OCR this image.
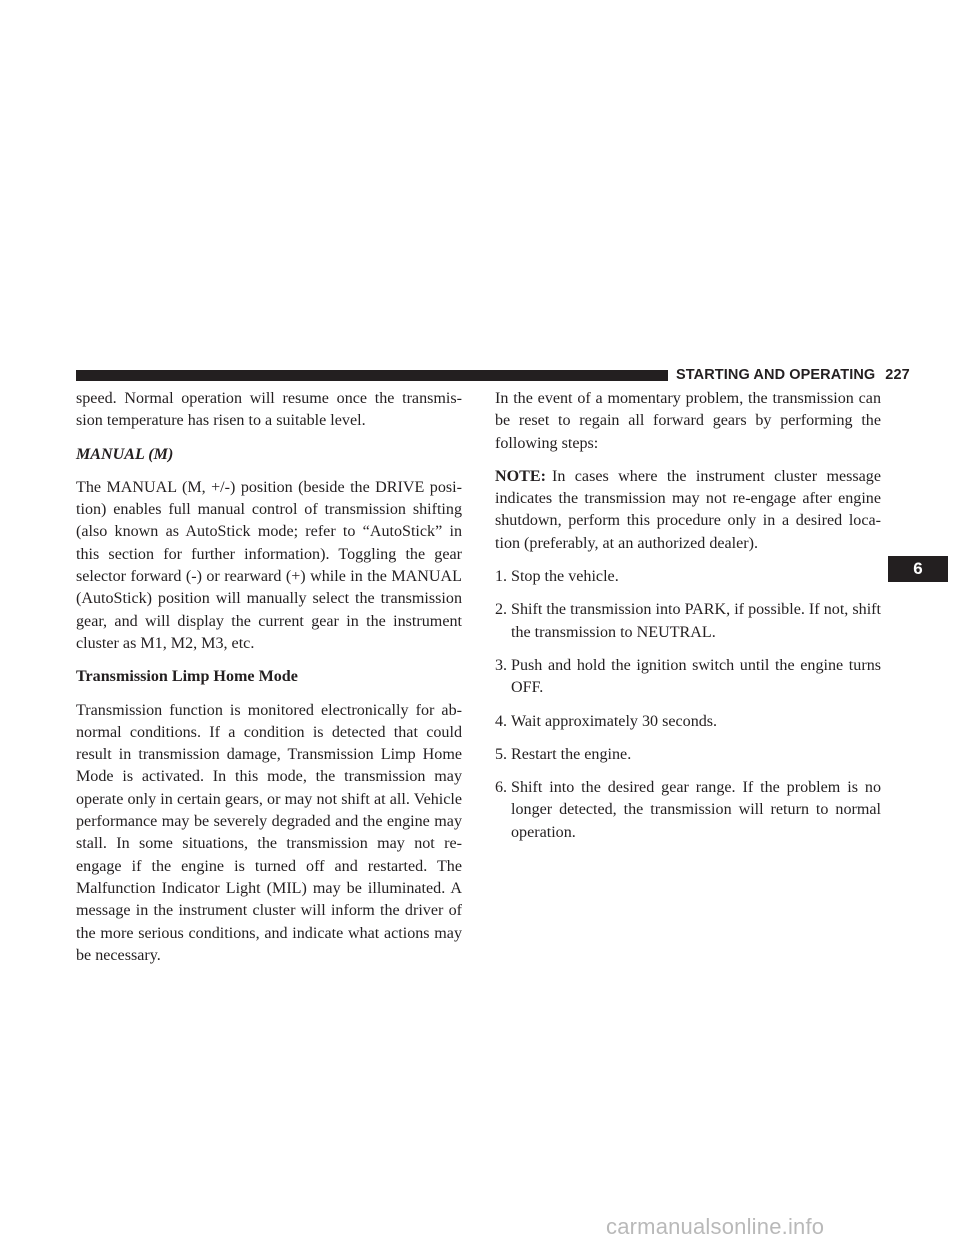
STARTING AND OPERATING 227

speed. Normal operation will resume once the transmis- sion temperature has risen to a suitable level.

MANUAL (M)

The MANUAL (M, +/-) position (beside the DRIVE posi- tion) enables full manual control of transmission shifting (also known as AutoStick mode; refer to “AutoStick” in this section for further information). Toggling the gear selector forward (-) or rearward (+) while in the MANUAL (AutoStick) position will manually select the transmission gear, and will display the current gear in the instrument cluster as M1, M2, M3, etc.

Transmission Limp Home Mode

Transmission function is monitored electronically for ab- normal conditions. If a condition is detected that could result in transmission damage, Transmission Limp Home Mode is activated. In this mode, the transmission may operate only in certain gears, or may not shift at all. Vehicle performance may be severely degraded and the engine may stall. In some situations, the transmission may not re-engage if the engine is turned off and restarted. The Malfunction Indicator Light (MIL) may be illuminated. A message in the instrument cluster will inform the driver of the more serious conditions, and indicate what actions may be necessary.

In the event of a momentary problem, the transmission can be reset to regain all forward gears by performing the following steps:

NOTE: In cases where the instrument cluster message indicates the transmission may not re-engage after engine shutdown, perform this procedure only in a desired loca- tion (preferably, at an authorized dealer).

1. Stop the vehicle.
2. Shift the transmission into PARK, if possible. If not, shift the transmission to NEUTRAL.
3. Push and hold the ignition switch until the engine turns OFF.
4. Wait approximately 30 seconds.
5. Restart the engine.
6. Shift into the desired gear range. If the problem is no longer detected, the transmission will return to normal operation.
6
carmanualsonline.info
